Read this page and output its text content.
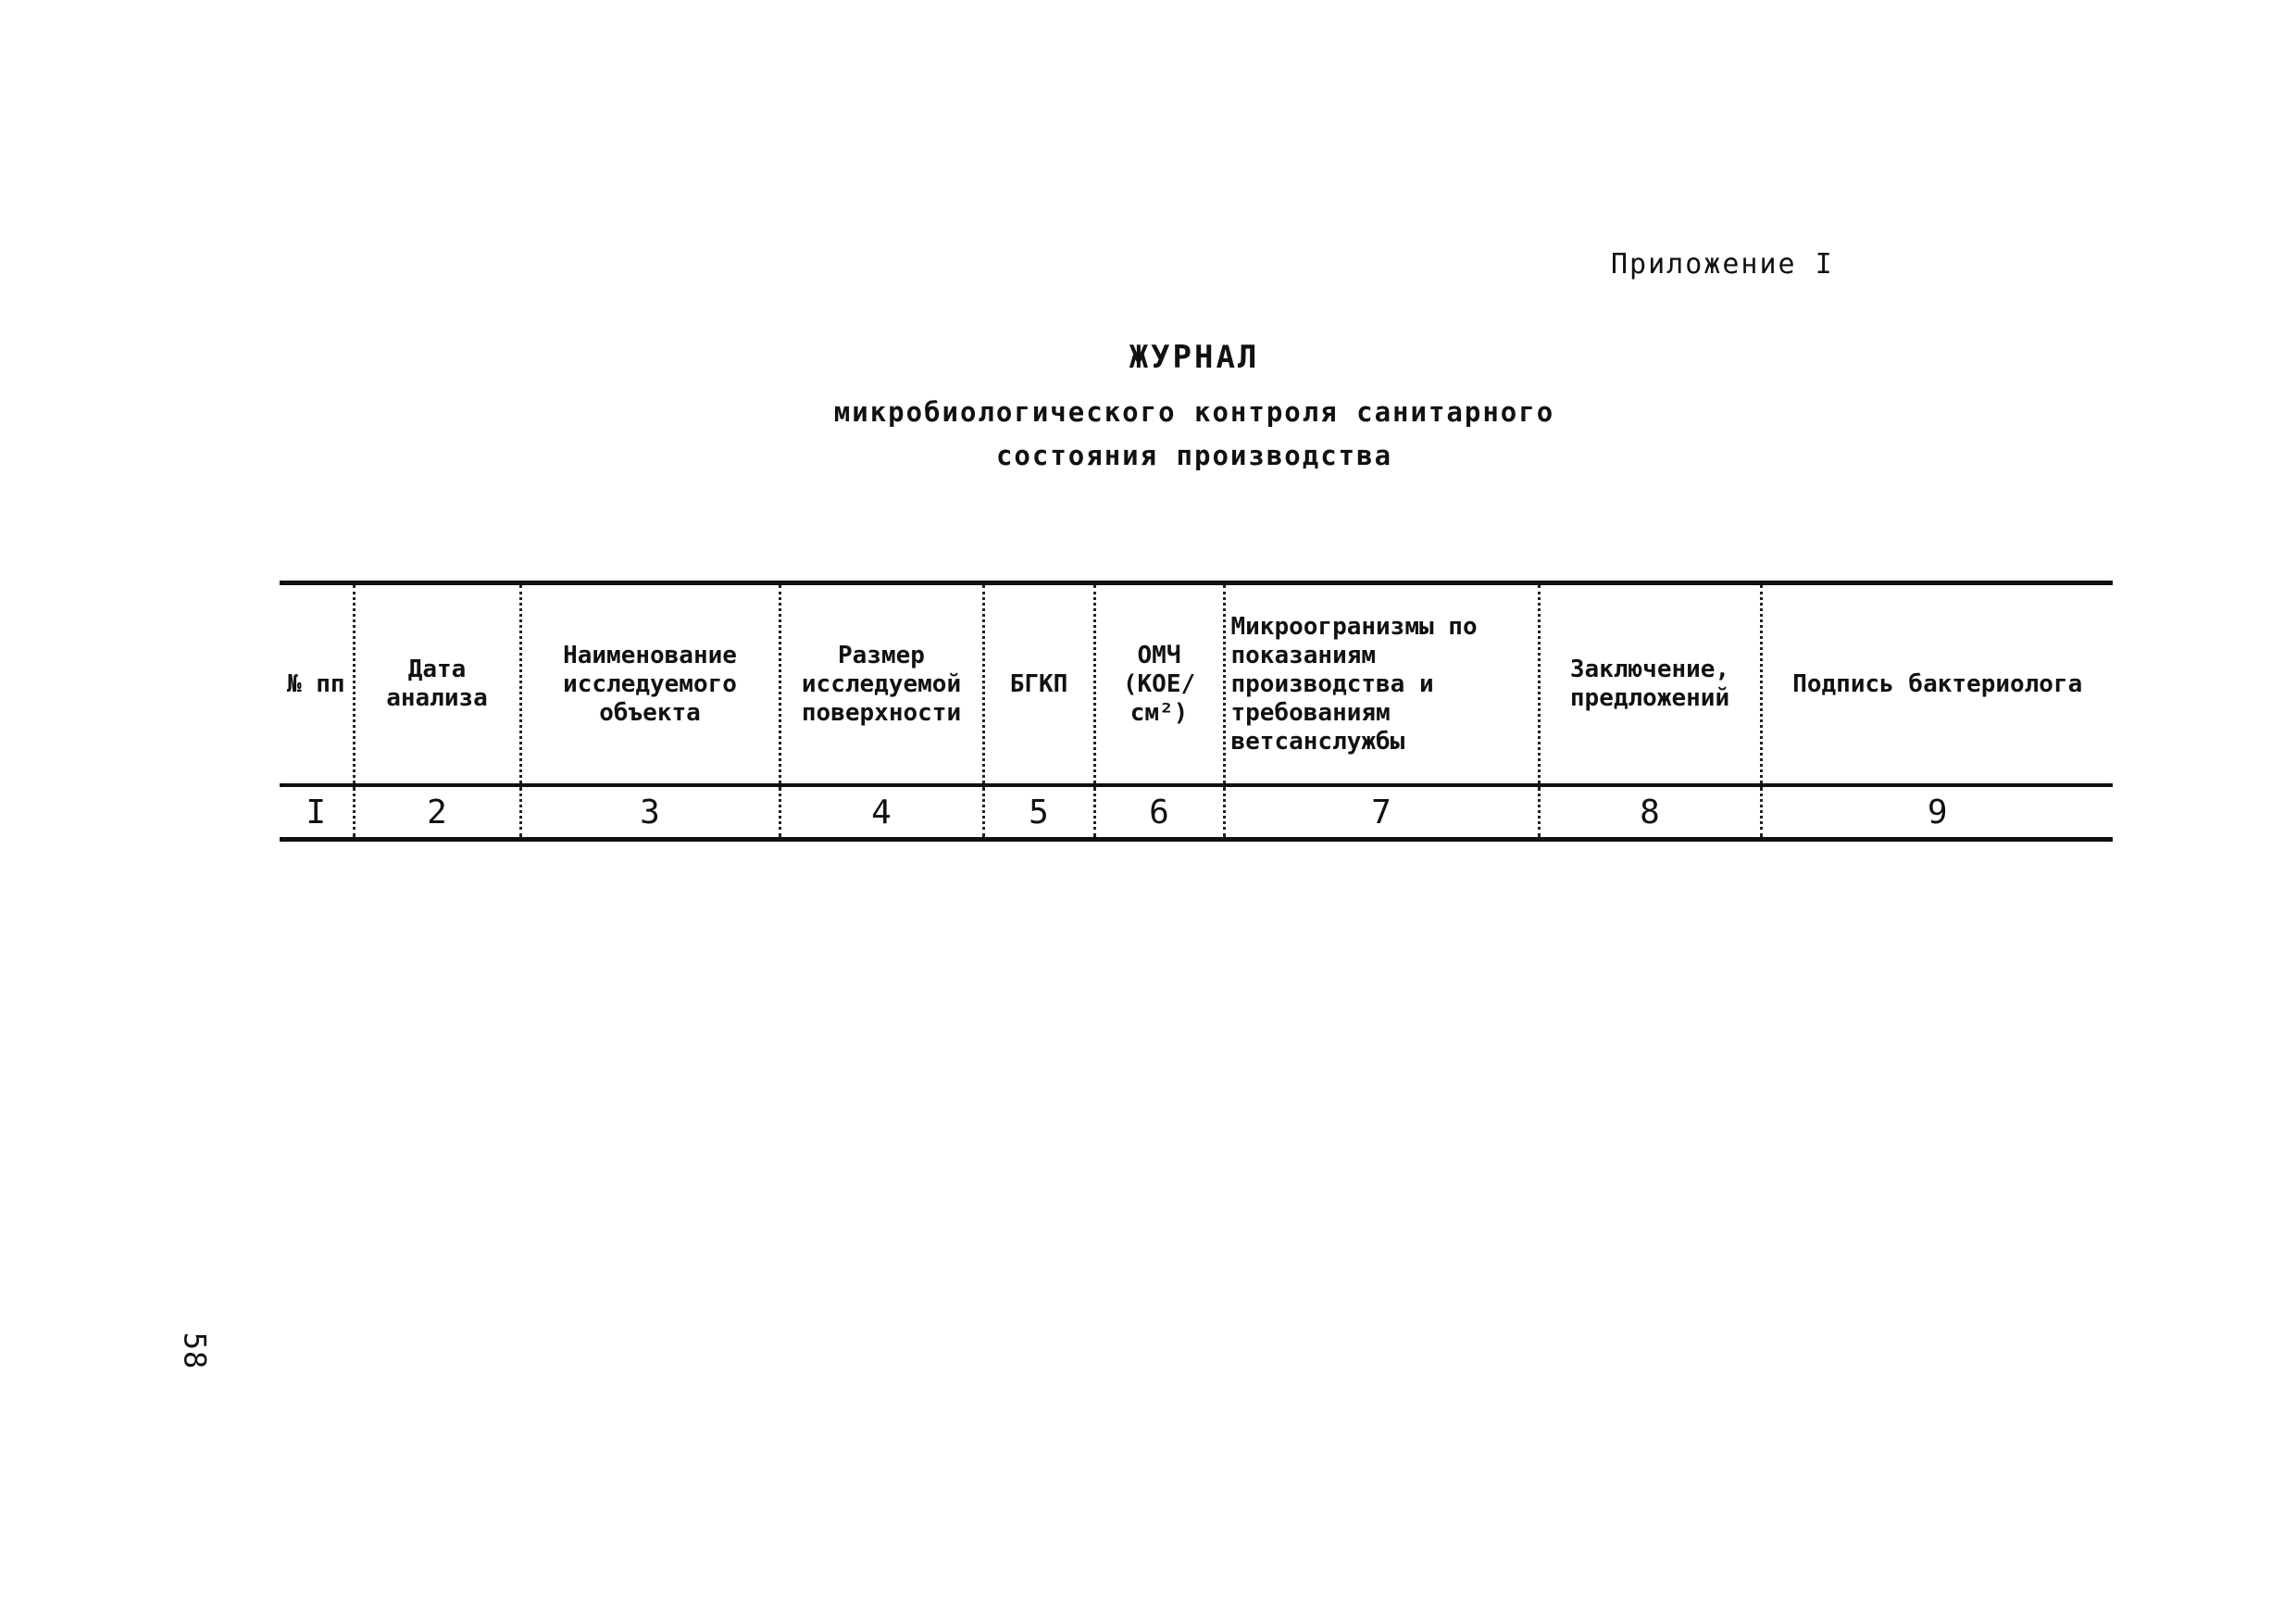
Приложение I
ЖУРНАЛ
микробиологического контроля санитарного
состояния производства
№ пп	Дата анализа	Наименование исследуемого объекта	Размер исследуемой поверхности	БГКП	ОМЧ (КОЕ/см²)	Микроогранизмы по показаниям производства и требованиям ветсанслужбы	Заключение, предложений	Подпись бактериолога
I	2	3	4	5	6	7	8	9
58
